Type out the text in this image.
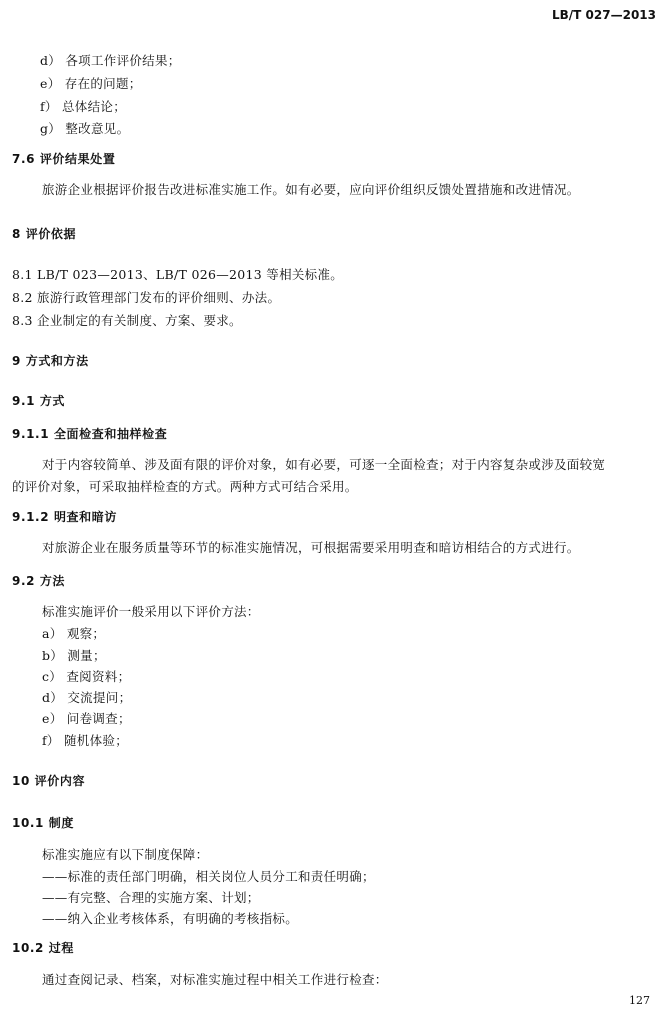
LB/T 027—2013
d） 各项工作评价结果；
e） 存在的问题；
f） 总体结论；
g） 整改意见。
7.6 评价结果处置
旅游企业根据评价报告改进标准实施工作。如有必要，应向评价组织反馈处置措施和改进情况。
8 评价依据
8.1 LB/T 023—2013、LB/T 026—2013 等相关标准。
8.2 旅游行政管理部门发布的评价细则、办法。
8.3 企业制定的有关制度、方案、要求。
9 方式和方法
9.1 方式
9.1.1 全面检查和抽样检查
对于内容较简单、涉及面有限的评价对象，如有必要，可逐一全面检查；对于内容复杂或涉及面较宽
的评价对象，可采取抽样检查的方式。两种方式可结合采用。
9.1.2 明查和暗访
对旅游企业在服务质量等环节的标准实施情况，可根据需要采用明查和暗访相结合的方式进行。
9.2 方法
标准实施评价一般采用以下评价方法：
a） 观察；
b） 测量；
c） 查阅资料；
d） 交流提问；
e） 问卷调查；
f） 随机体验；
10 评价内容
10.1 制度
标准实施应有以下制度保障：
——标准的责任部门明确，相关岗位人员分工和责任明确；
——有完整、合理的实施方案、计划；
——纳入企业考核体系，有明确的考核指标。
10.2 过程
通过查阅记录、档案，对标准实施过程中相关工作进行检查：
127
